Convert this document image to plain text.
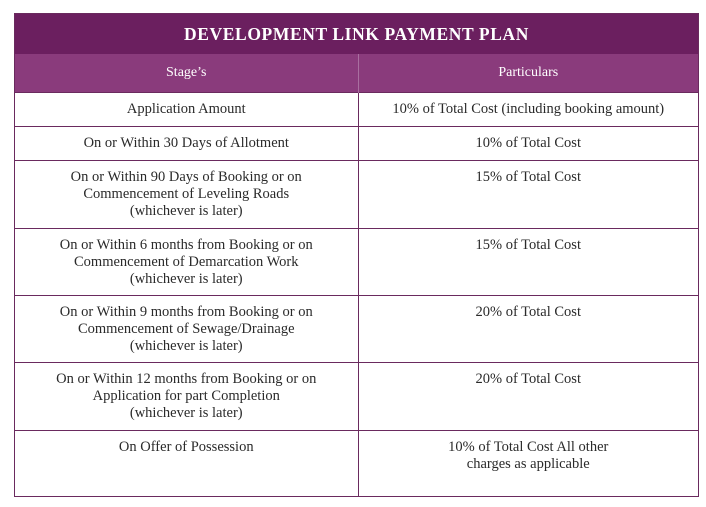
DEVELOPMENT LINK PAYMENT PLAN
Stage’s	Particulars
Application Amount	10% of Total Cost (including booking amount)
On or Within 30 Days of Allotment	10% of Total Cost
On or Within 90 Days of Booking or on
Commencement of Leveling Roads
(whichever is later)	15% of Total Cost
On or Within 6 months from Booking or on
Commencement of Demarcation Work
(whichever is later)	15% of Total Cost
On or Within 9 months from Booking or on
Commencement of Sewage/Drainage
(whichever is later)	20% of Total Cost
On or Within 12 months from Booking or on
Application for part Completion
(whichever is later)	20% of Total Cost
On Offer of Possession	10% of Total Cost All other
charges as applicable
